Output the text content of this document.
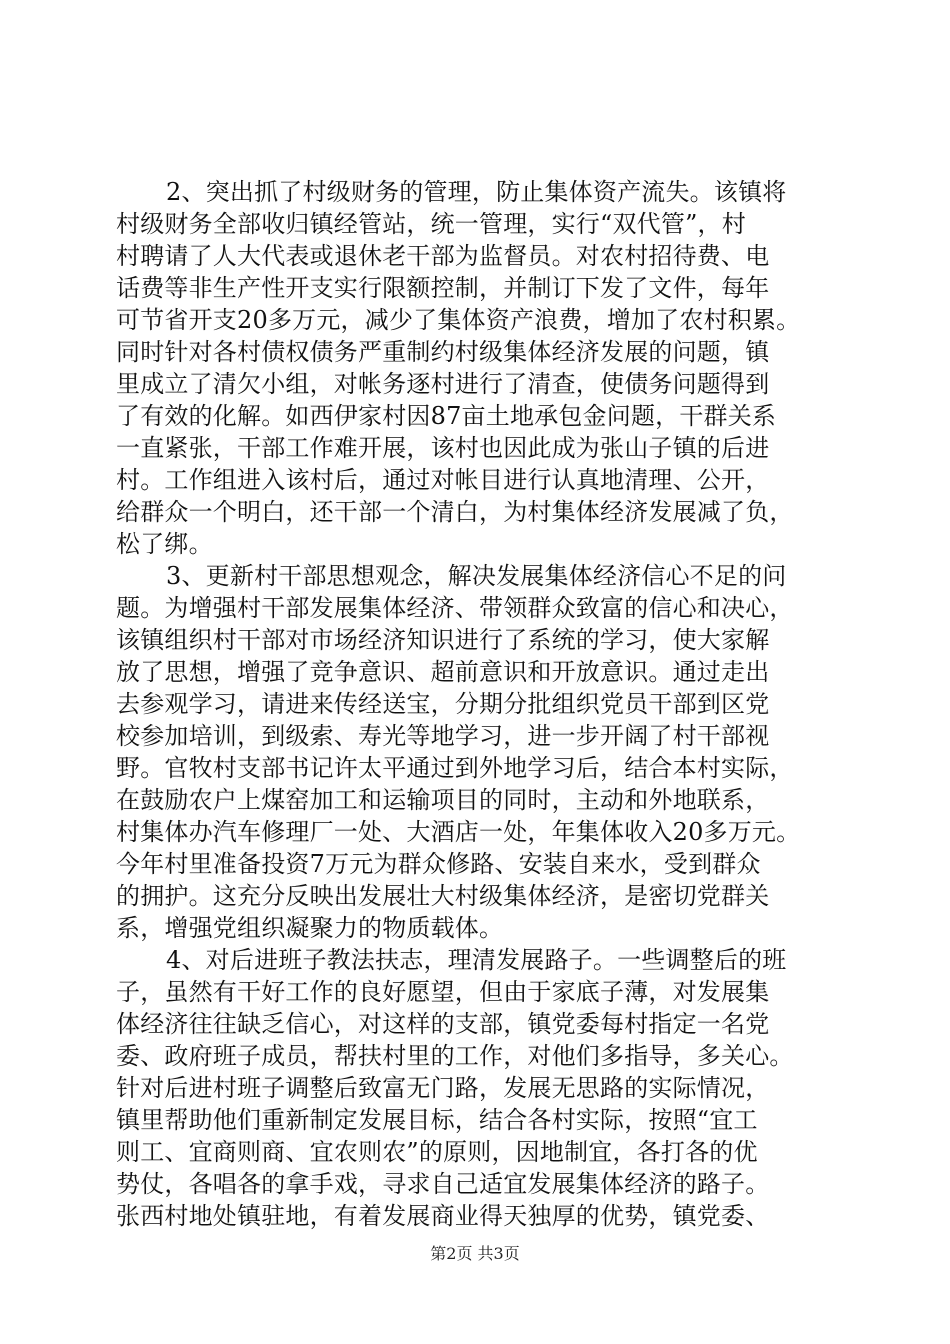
2、突出抓了村级财务的管理，防止集体资产流失。该镇将
村级财务全部收归镇经管站，统一管理，实行“双代管”，村
村聘请了人大代表或退休老干部为监督员。对农村招待费、电
话费等非生产性开支实行限额控制，并制订下发了文件，每年
可节省开支20多万元，减少了集体资产浪费，增加了农村积累。
同时针对各村债权债务严重制约村级集体经济发展的问题，镇
里成立了清欠小组，对帐务逐村进行了清查，使债务问题得到
了有效的化解。如西伊家村因87亩土地承包金问题，干群关系
一直紧张，干部工作难开展，该村也因此成为张山子镇的后进
村。工作组进入该村后，通过对帐目进行认真地清理、公开，
给群众一个明白，还干部一个清白，为村集体经济发展减了负，
松了绑。
3、更新村干部思想观念，解决发展集体经济信心不足的问
题。为增强村干部发展集体经济、带领群众致富的信心和决心，
该镇组织村干部对市场经济知识进行了系统的学习，使大家解
放了思想，增强了竞争意识、超前意识和开放意识。通过走出
去参观学习，请进来传经送宝，分期分批组织党员干部到区党
校参加培训，到级索、寿光等地学习，进一步开阔了村干部视
野。官牧村支部书记许太平通过到外地学习后，结合本村实际，
在鼓励农户上煤窑加工和运输项目的同时，主动和外地联系，
村集体办汽车修理厂一处、大酒店一处，年集体收入20多万元。
今年村里准备投资7万元为群众修路、安装自来水，受到群众
的拥护。这充分反映出发展壮大村级集体经济，是密切党群关
系，增强党组织凝聚力的物质载体。
4、对后进班子教法扶志，理清发展路子。一些调整后的班
子，虽然有干好工作的良好愿望，但由于家底子薄，对发展集
体经济往往缺乏信心，对这样的支部，镇党委每村指定一名党
委、政府班子成员，帮扶村里的工作，对他们多指导，多关心。
针对后进村班子调整后致富无门路，发展无思路的实际情况，
镇里帮助他们重新制定发展目标，结合各村实际，按照“宜工
则工、宜商则商、宜农则农”的原则，因地制宜，各打各的优
势仗，各唱各的拿手戏，寻求自己适宜发展集体经济的路子。
张西村地处镇驻地，有着发展商业得天独厚的优势，镇党委、
第2页 共3页
